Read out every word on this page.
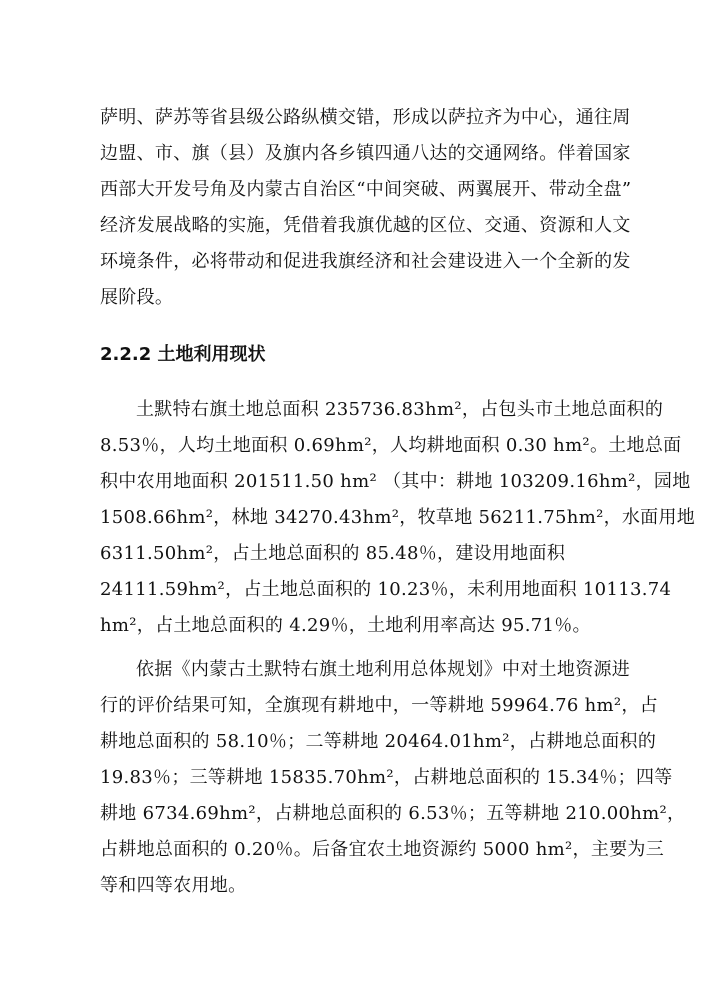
萨明、萨苏等省县级公路纵横交错，形成以萨拉齐为中心，通往周
边盟、市、旗（县）及旗内各乡镇四通八达的交通网络。伴着国家
西部大开发号角及内蒙古自治区“中间突破、两翼展开、带动全盘”
经济发展战略的实施，凭借着我旗优越的区位、交通、资源和人文
环境条件，必将带动和促进我旗经济和社会建设进入一个全新的发
展阶段。
2.2.2 土地利用现状
土默特右旗土地总面积 235736.83hm²，占包头市土地总面积的
8.53％，人均土地面积 0.69hm²，人均耕地面积 0.30 hm²。土地总面
积中农用地面积 201511.50 hm² （其中：耕地 103209.16hm²，园地
1508.66hm²，林地 34270.43hm²，牧草地 56211.75hm²，水面用地
6311.50hm²，占土地总面积的 85.48％，建设用地面积
24111.59hm²，占土地总面积的 10.23％，未利用地面积 10113.74
hm²，占土地总面积的 4.29％，土地利用率高达 95.71％。
依据《内蒙古土默特右旗土地利用总体规划》中对土地资源进
行的评价结果可知，全旗现有耕地中，一等耕地 59964.76 hm²，占
耕地总面积的 58.10％；二等耕地 20464.01hm²，占耕地总面积的
19.83％；三等耕地 15835.70hm²，占耕地总面积的 15.34％；四等
耕地 6734.69hm²，占耕地总面积的 6.53％；五等耕地 210.00hm²，
占耕地总面积的 0.20％。后备宜农土地资源约 5000 hm²，主要为三
等和四等农用地。
